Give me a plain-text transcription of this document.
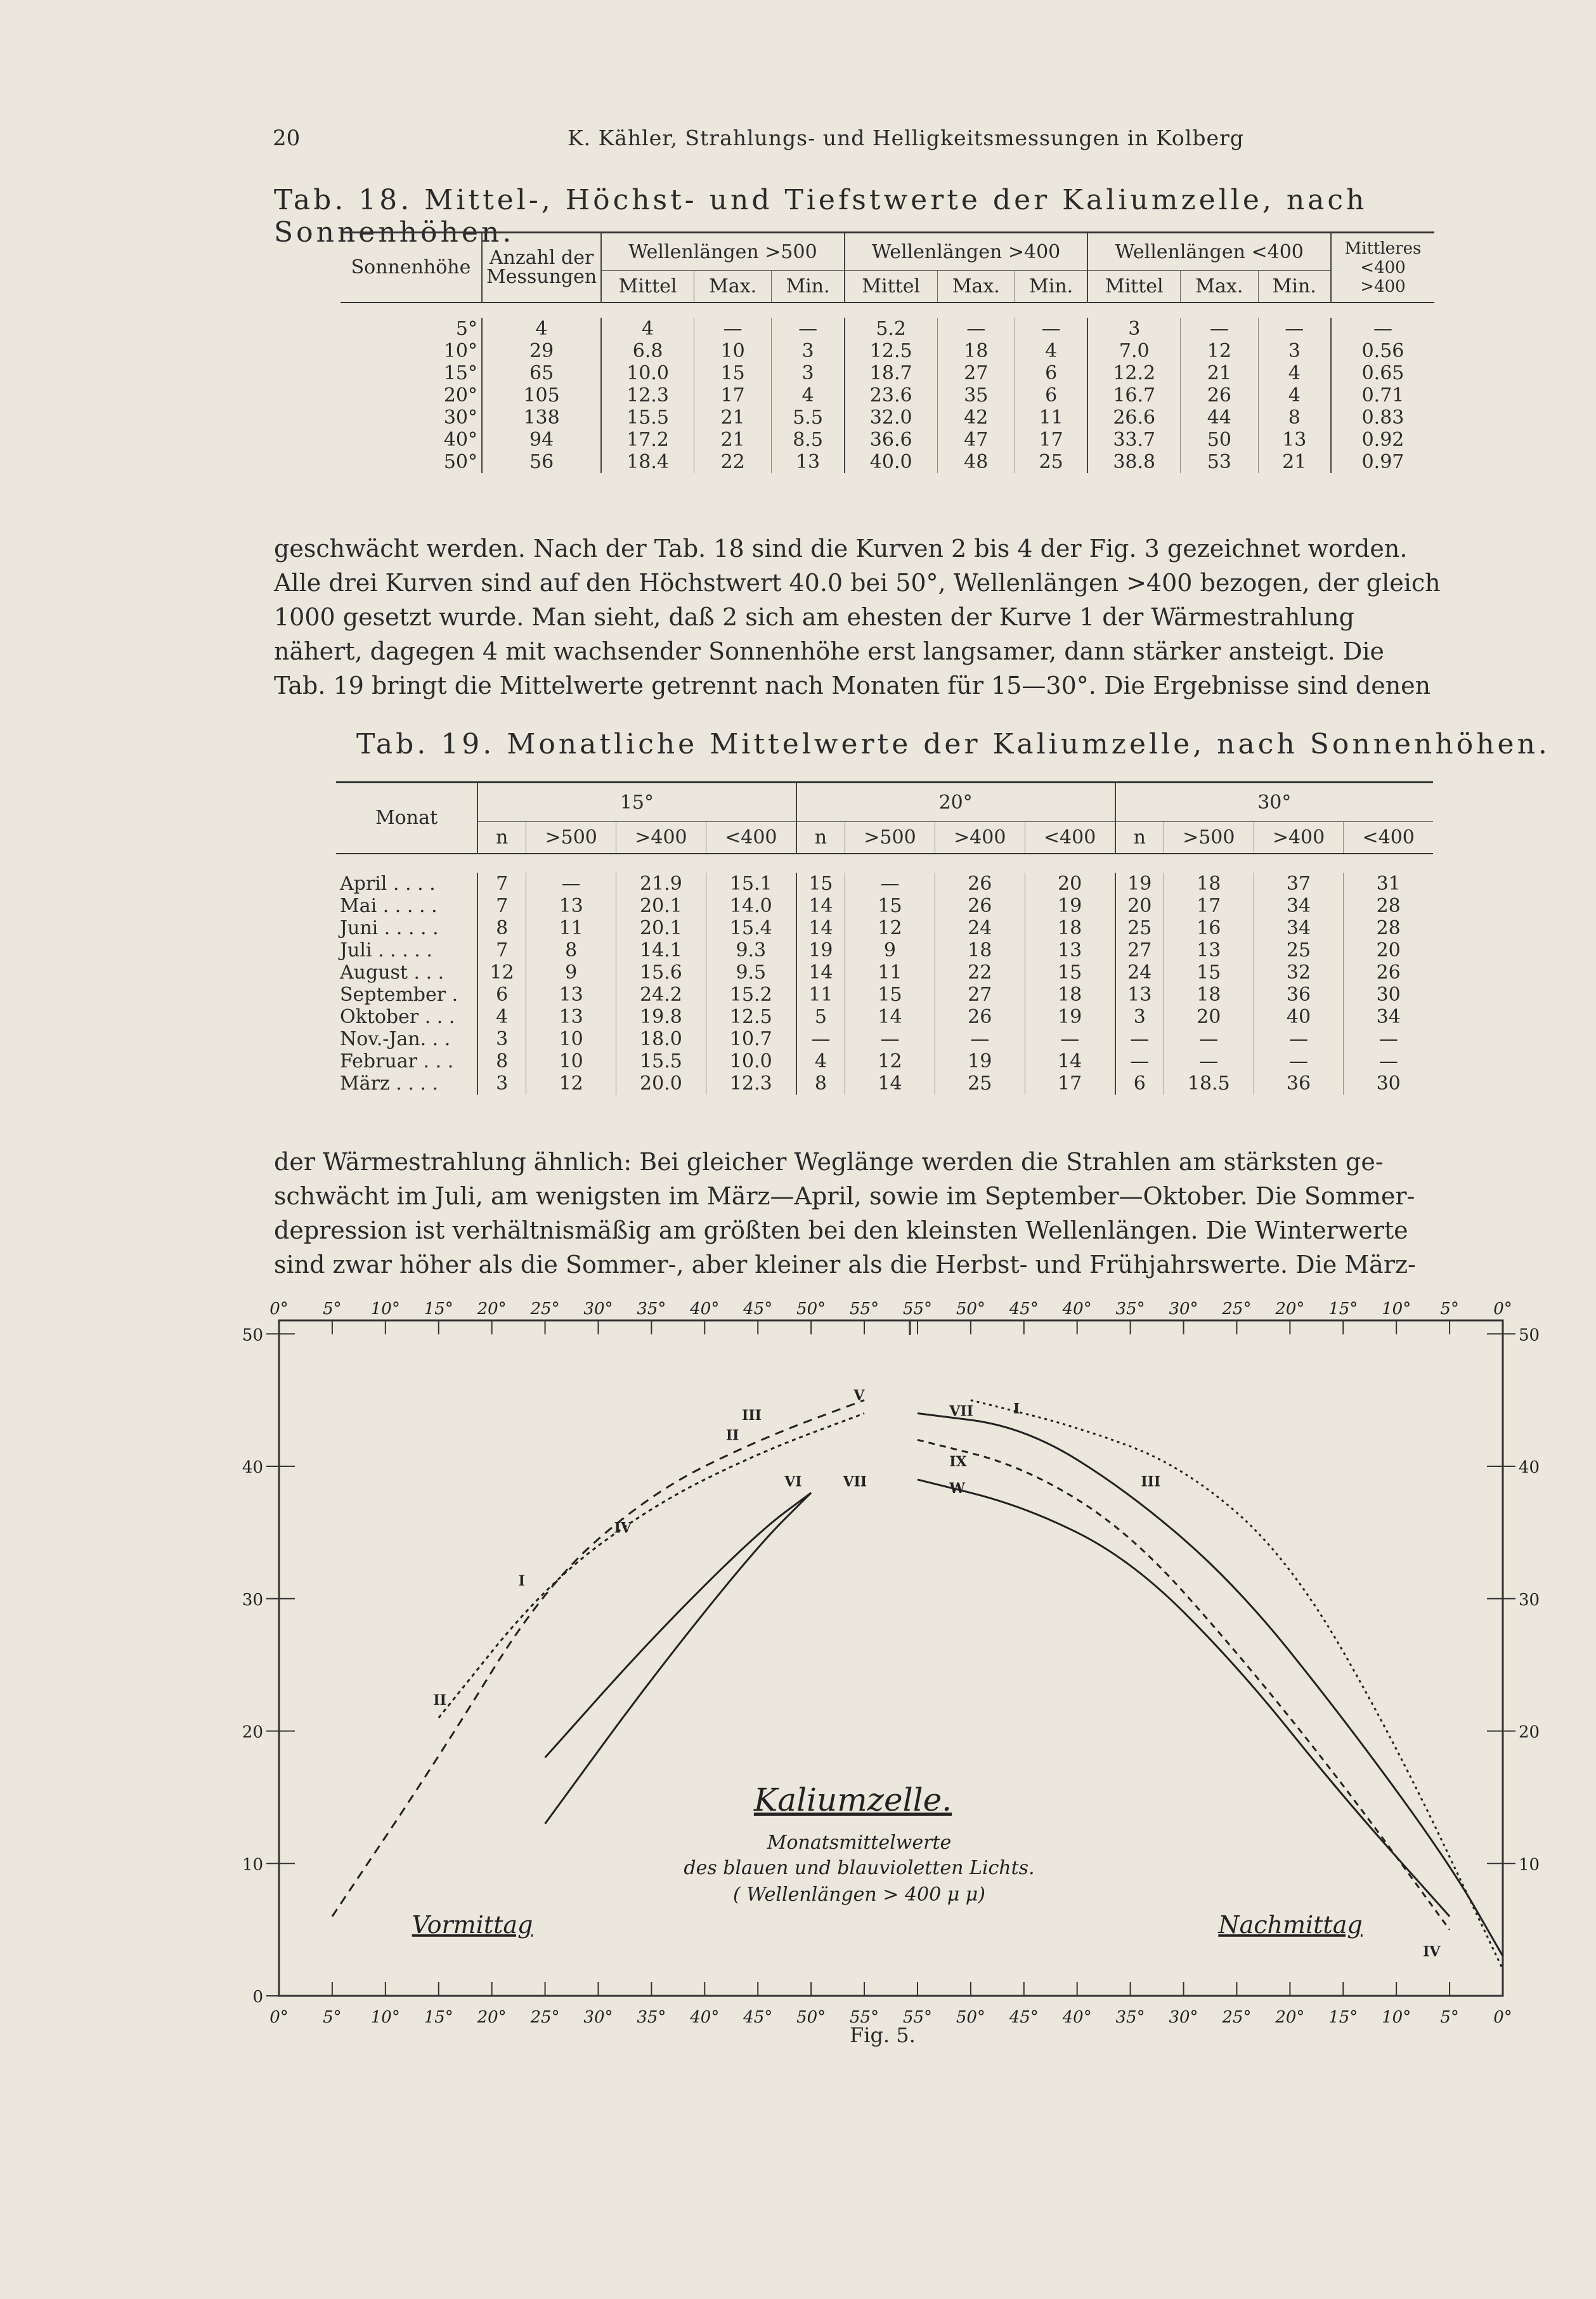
20	K. Kähler, Strahlungs- und Helligkeitsmessungen in Kolberg
Tab. 18. Mittel-, Höchst- und Tiefstwerte der Kaliumzelle, nach Sonnenhöhen.
Sonnenhöhe	Anzahl der Messungen	Wellenlängen >500			Wellenlängen >400			Wellenlängen <400			Mittleres <400 >400
		Mittel	Max.	Min.	Mittel	Max.	Min.	Mittel	Max.	Min.	

5°	4	4	—	—	5.2	—	—	3	—	—	—
10°	29	6.8	10	3	12.5	18	4	7.0	12	3	0.56
15°	65	10.0	15	3	18.7	27	6	12.2	21	4	0.65
20°	105	12.3	17	4	23.6	35	6	16.7	26	4	0.71
30°	138	15.5	21	5.5	32.0	42	11	26.6	44	8	0.83
40°	94	17.2	21	8.5	36.6	47	17	33.7	50	13	0.92
50°	56	18.4	22	13	40.0	48	25	38.8	53	21	0.97

geschwächt werden. Nach der Tab. 18 sind die Kurven 2 bis 4 der Fig. 3 gezeichnet worden.

Alle drei Kurven sind auf den Höchstwert 40.0 bei 50°, Wellenlängen >400 bezogen, der gleich

1000 gesetzt wurde. Man sieht, daß 2 sich am ehesten der Kurve 1 der Wärmestrahlung

nähert, dagegen 4 mit wachsender Sonnenhöhe erst langsamer, dann stärker ansteigt. Die

Tab. 19 bringt die Mittelwerte getrennt nach Monaten für 15—30°. Die Ergebnisse sind denen

Tab. 19. Monatliche Mittelwerte der Kaliumzelle, nach Sonnenhöhen.
Monat	15°				20°				30°			
	n	>500	>400	<400	n	>500	>400	<400	n	>500	>400	<400

April . . . .	7	—	21.9	15.1	15	—	26	20	19	18	37	31
Mai . . . . .	7	13	20.1	14.0	14	15	26	19	20	17	34	28
Juni . . . . .	8	11	20.1	15.4	14	12	24	18	25	16	34	28
Juli . . . . .	7	8	14.1	9.3	19	9	18	13	27	13	25	20
August . . .	12	9	15.6	9.5	14	11	22	15	24	15	32	26
September .	6	13	24.2	15.2	11	15	27	18	13	18	36	30
Oktober . . .	4	13	19.8	12.5	5	14	26	19	3	20	40	34
Nov.-Jan. . .	3	10	18.0	10.7	—	—	—	—	—	—	—	—
Februar . . .	8	10	15.5	10.0	4	12	19	14	—	—	—	—
März . . . .	3	12	20.0	12.3	8	14	25	17	6	18.5	36	30

der Wärmestrahlung ähnlich: Bei gleicher Weglänge werden die Strahlen am stärksten ge-

schwächt im Juli, am wenigsten im März—April, sowie im September—Oktober. Die Sommer-

depression ist verhältnismäßig am größten bei den kleinsten Wellenlängen. Die Winterwerte

sind zwar höher als die Sommer-, aber kleiner als die Herbst- und Frühjahrswerte. Die März-

0° 5° 10° 15° 20° 25° 30° 35° 40° 45° 50° 55° 55° 50° 45° 40° 35° 30° 25° 20° 15° 10° 5° 0°
0° 5° 10° 15° 20° 25° 30° 35° 40° 45° 50° 55° 55° 50° 45° 40° 35° 30° 25° 20° 15° 10° 5° 0°
50
40
30
20
10
0
50
40
30
20
10
V
III
II
VI	VII
IV
I
II
VII
IX
W
I
III
IV
Kaliumzelle.
Monatsmittelwerte
des blauen und blauvioletten Lichts.
( Wellenlängen > 400 μ μ)
Vormittag	Nachmittag
Fig. 5.
